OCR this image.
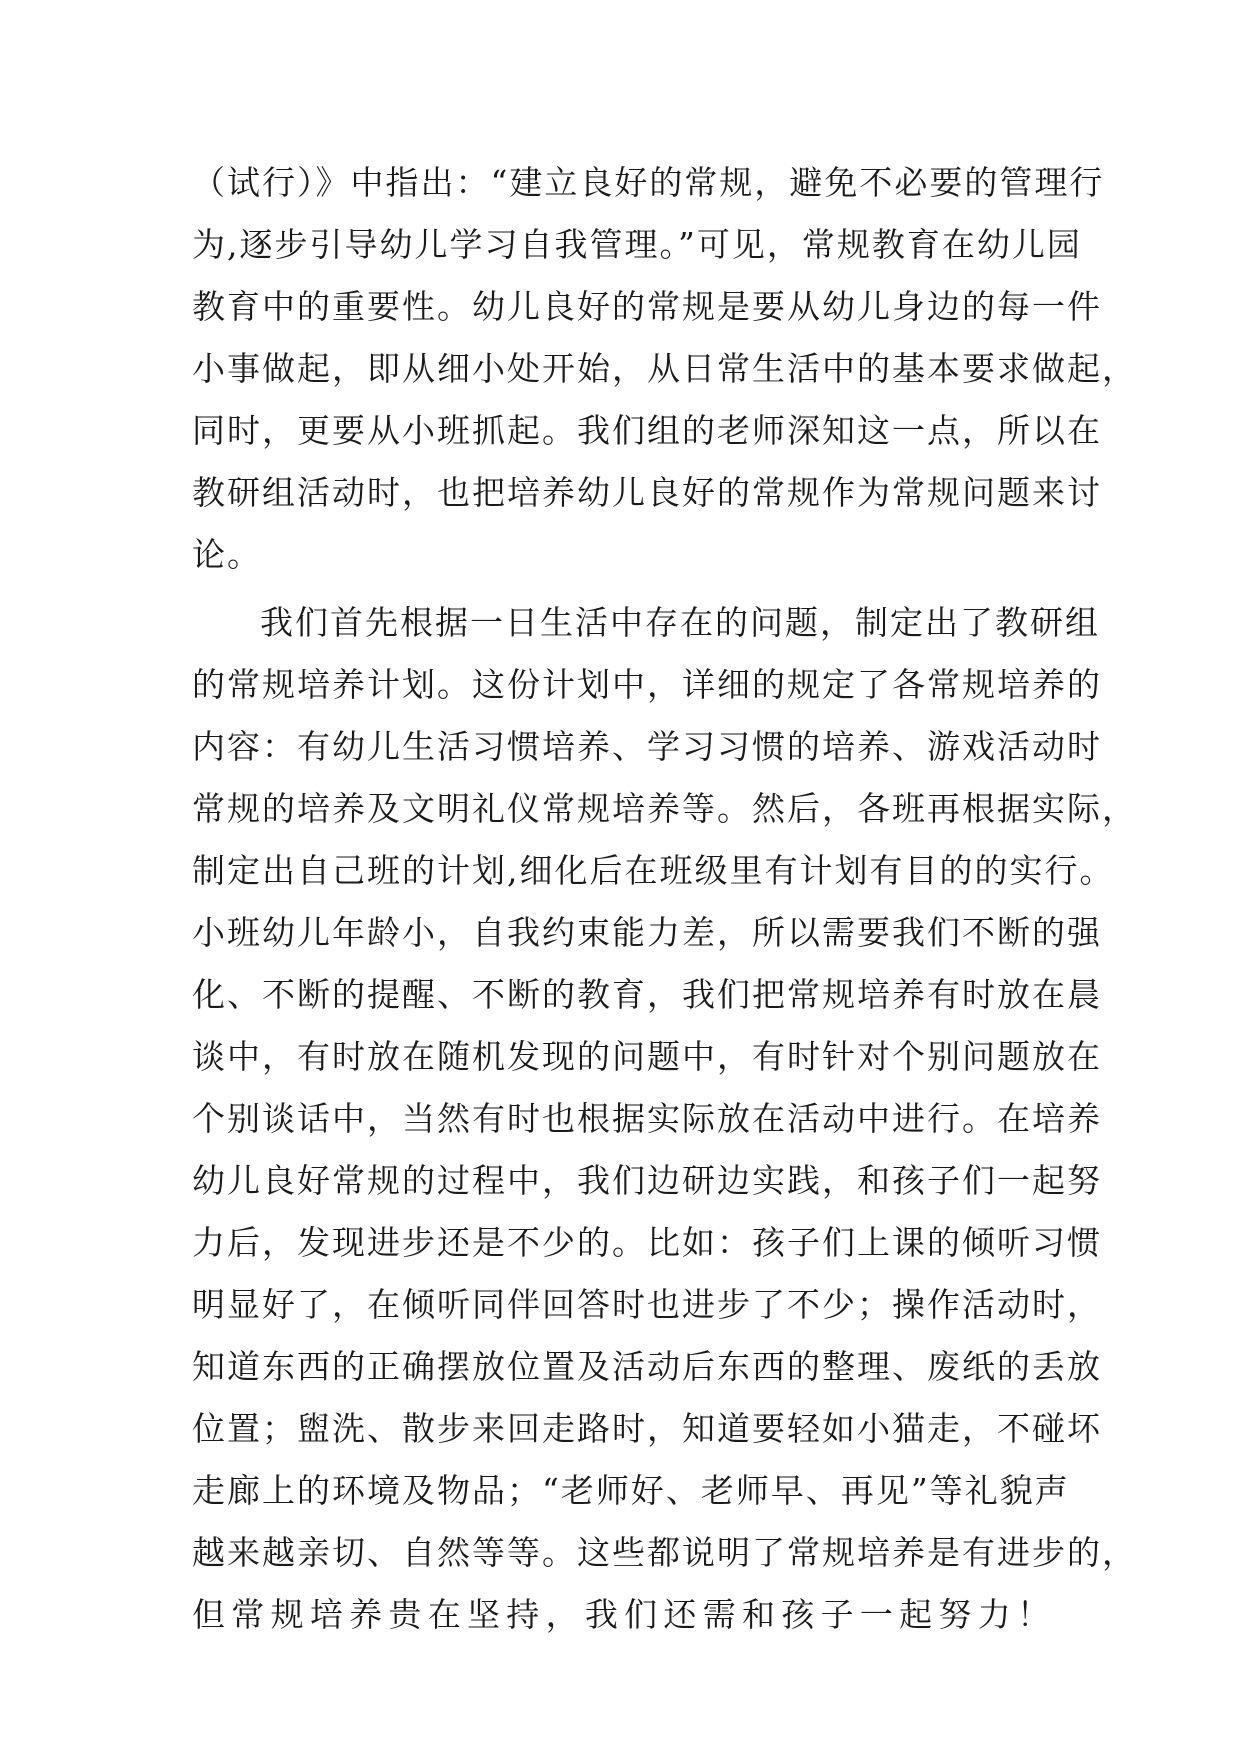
（试行）》中指出：“建立良好的常规，避免不必要的管理行
为,逐步引导幼儿学习自我管理。”可见，常规教育在幼儿园
教育中的重要性。幼儿良好的常规是要从幼儿身边的每一件
小事做起，即从细小处开始，从日常生活中的基本要求做起，
同时，更要从小班抓起。我们组的老师深知这一点，所以在
教研组活动时，也把培养幼儿良好的常规作为常规问题来讨
论。
我们首先根据一日生活中存在的问题，制定出了教研组
的常规培养计划。这份计划中，详细的规定了各常规培养的
内容：有幼儿生活习惯培养、学习习惯的培养、游戏活动时
常规的培养及文明礼仪常规培养等。然后，各班再根据实际，
制定出自己班的计划,细化后在班级里有计划有目的的实行。
小班幼儿年龄小，自我约束能力差，所以需要我们不断的强
化、不断的提醒、不断的教育，我们把常规培养有时放在晨
谈中，有时放在随机发现的问题中，有时针对个别问题放在
个别谈话中，当然有时也根据实际放在活动中进行。在培养
幼儿良好常规的过程中，我们边研边实践，和孩子们一起努
力后，发现进步还是不少的。比如：孩子们上课的倾听习惯
明显好了，在倾听同伴回答时也进步了不少；操作活动时，
知道东西的正确摆放位置及活动后东西的整理、废纸的丢放
位置；盥洗、散步来回走路时，知道要轻如小猫走，不碰坏
走廊上的环境及物品；“老师好、老师早、再见”等礼貌声
越来越亲切、自然等等。这些都说明了常规培养是有进步的，
但常规培养贵在坚持，我们还需和孩子一起努力！
